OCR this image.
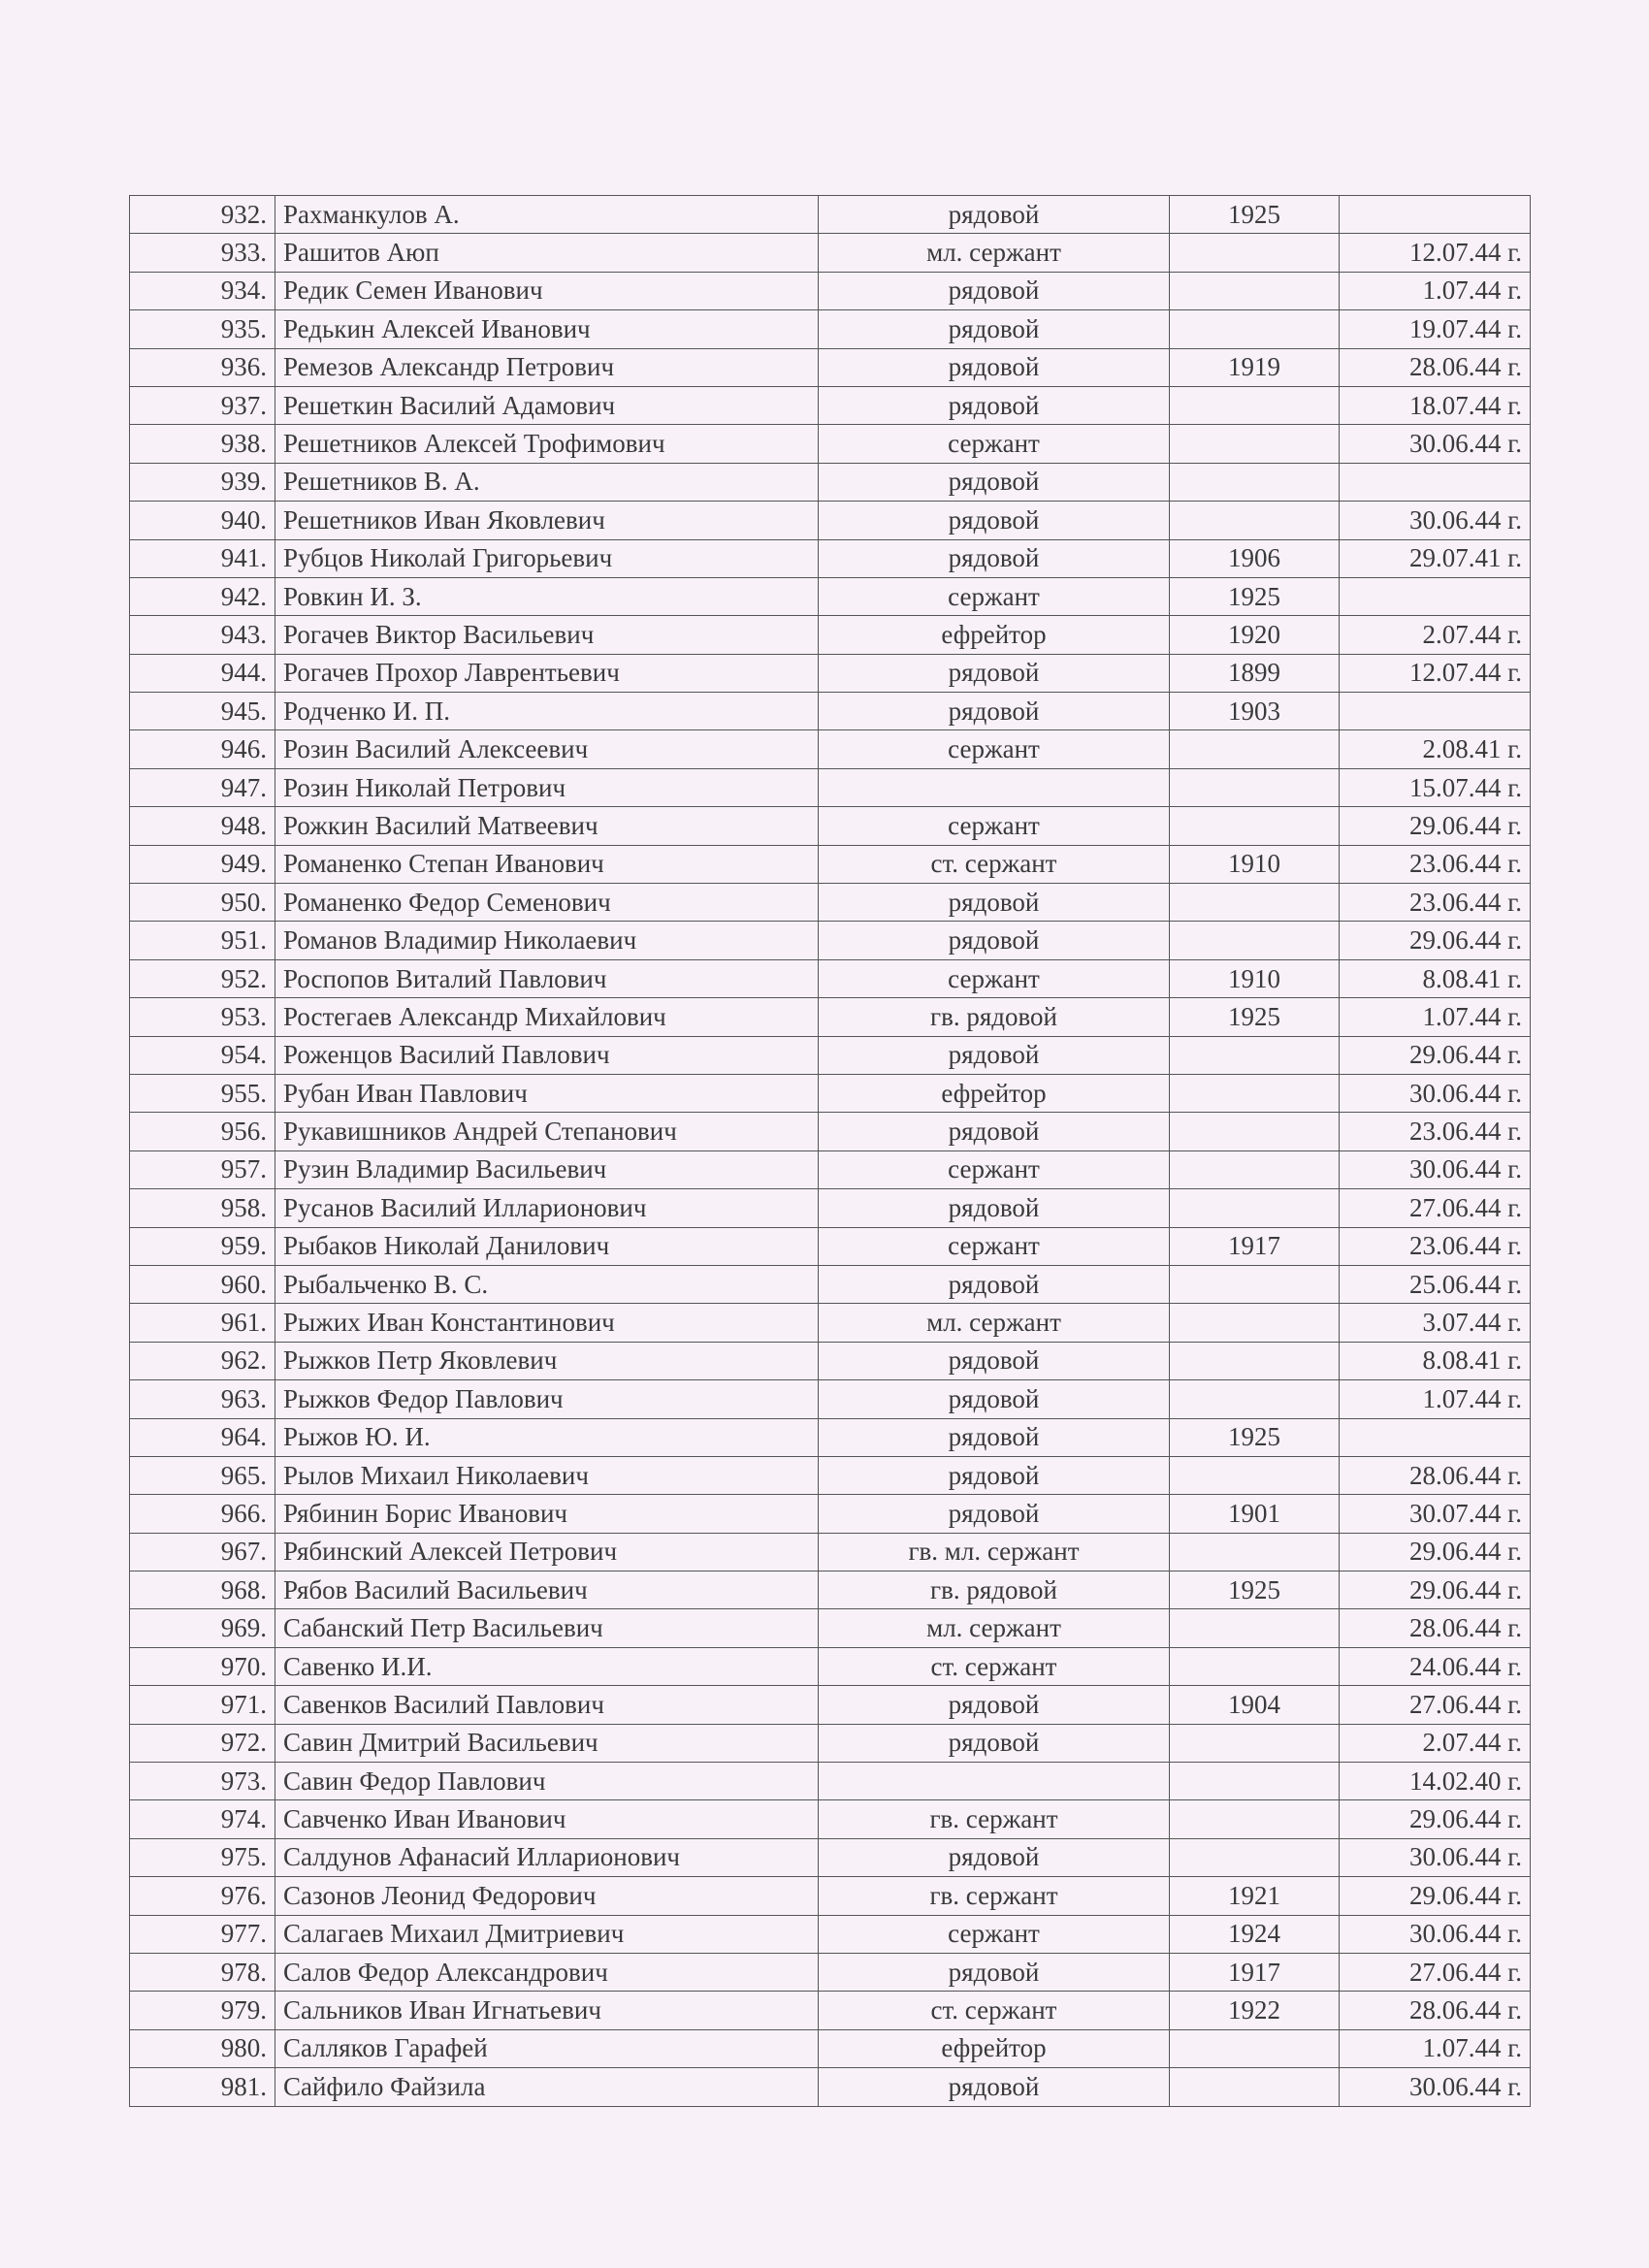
932.	Рахманкулов А.	рядовой	1925	
933.	Рашитов Аюп	мл. сержант		12.07.44 г.
934.	Редик Семен Иванович	рядовой		1.07.44 г.
935.	Редькин Алексей Иванович	рядовой		19.07.44 г.
936.	Ремезов Александр Петрович	рядовой	1919	28.06.44 г.
937.	Решеткин Василий Адамович	рядовой		18.07.44 г.
938.	Решетников Алексей Трофимович	сержант		30.06.44 г.
939.	Решетников В. А.	рядовой		
940.	Решетников Иван Яковлевич	рядовой		30.06.44 г.
941.	Рубцов Николай Григорьевич	рядовой	1906	29.07.41 г.
942.	Ровкин И. З.	сержант	1925	
943.	Рогачев Виктор Васильевич	ефрейтор	1920	2.07.44 г.
944.	Рогачев Прохор Лаврентьевич	рядовой	1899	12.07.44 г.
945.	Родченко И. П.	рядовой	1903	
946.	Розин Василий Алексеевич	сержант		2.08.41 г.
947.	Розин Николай Петрович			15.07.44 г.
948.	Рожкин Василий Матвеевич	сержант		29.06.44 г.
949.	Романенко Степан Иванович	ст. сержант	1910	23.06.44 г.
950.	Романенко Федор Семенович	рядовой		23.06.44 г.
951.	Романов Владимир Николаевич	рядовой		29.06.44 г.
952.	Роспопов Виталий Павлович	сержант	1910	8.08.41 г.
953.	Ростегаев Александр Михайлович	гв. рядовой	1925	1.07.44 г.
954.	Роженцов Василий Павлович	рядовой		29.06.44 г.
955.	Рубан Иван Павлович	ефрейтор		30.06.44 г.
956.	Рукавишников Андрей Степанович	рядовой		23.06.44 г.
957.	Рузин Владимир Васильевич	сержант		30.06.44 г.
958.	Русанов Василий Илларионович	рядовой		27.06.44 г.
959.	Рыбаков Николай Данилович	сержант	1917	23.06.44 г.
960.	Рыбальченко В. С.	рядовой		25.06.44 г.
961.	Рыжих Иван Константинович	мл. сержант		3.07.44 г.
962.	Рыжков Петр Яковлевич	рядовой		8.08.41 г.
963.	Рыжков Федор Павлович	рядовой		1.07.44 г.
964.	Рыжов Ю. И.	рядовой	1925	
965.	Рылов Михаил Николаевич	рядовой		28.06.44 г.
966.	Рябинин Борис Иванович	рядовой	1901	30.07.44 г.
967.	Рябинский Алексей Петрович	гв. мл. сержант		29.06.44 г.
968.	Рябов Василий Васильевич	гв. рядовой	1925	29.06.44 г.
969.	Сабанский Петр Васильевич	мл. сержант		28.06.44 г.
970.	Савенко И.И.	ст. сержант		24.06.44 г.
971.	Савенков Василий Павлович	рядовой	1904	27.06.44 г.
972.	Савин Дмитрий Васильевич	рядовой		2.07.44 г.
973.	Савин Федор Павлович			14.02.40 г.
974.	Савченко Иван Иванович	гв. сержант		29.06.44 г.
975.	Салдунов Афанасий Илларионович	рядовой		30.06.44 г.
976.	Сазонов Леонид Федорович	гв. сержант	1921	29.06.44 г.
977.	Салагаев Михаил Дмитриевич	сержант	1924	30.06.44 г.
978.	Салов Федор Александрович	рядовой	1917	27.06.44 г.
979.	Сальников Иван Игнатьевич	ст. сержант	1922	28.06.44 г.
980.	Салляков Гарафей	ефрейтор		1.07.44 г.
981.	Сайфило Файзила	рядовой		30.06.44 г.
